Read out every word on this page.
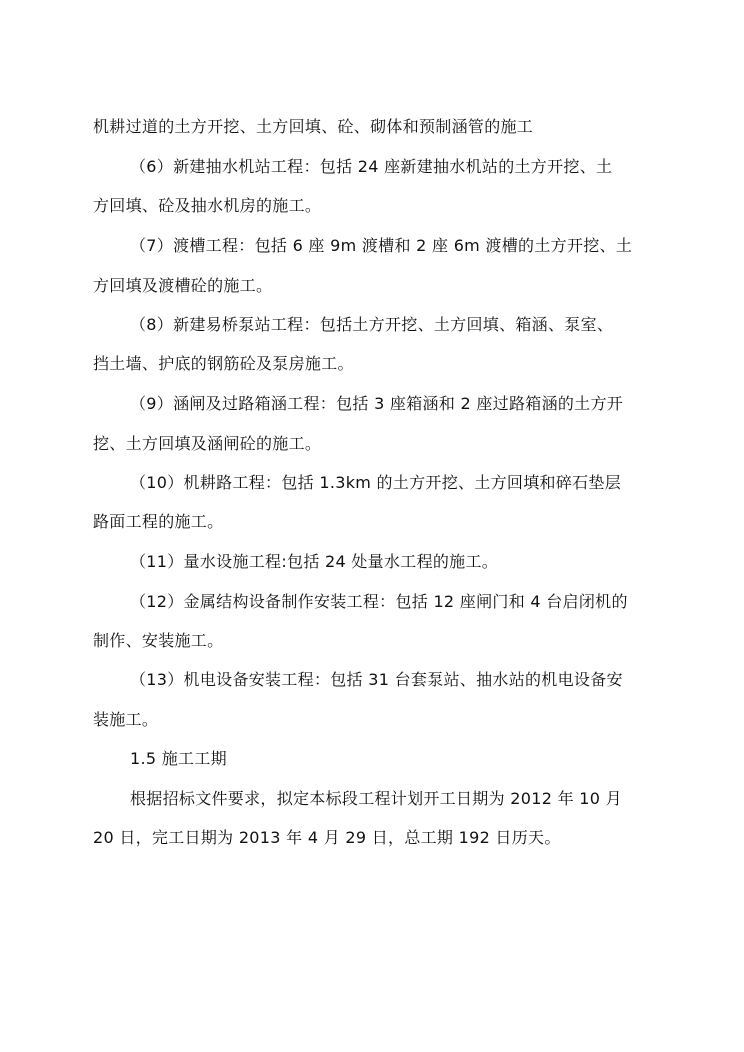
机耕过道的土方开挖、土方回填、砼、砌体和预制涵管的施工
（6）新建抽水机站工程：包括 24 座新建抽水机站的土方开挖、土
方回填、砼及抽水机房的施工。
（7）渡槽工程：包括 6 座 9m 渡槽和 2 座 6m 渡槽的土方开挖、土
方回填及渡槽砼的施工。
（8）新建易桥泵站工程：包括土方开挖、土方回填、箱涵、泵室、
挡土墙、护底的钢筋砼及泵房施工。
（9）涵闸及过路箱涵工程：包括 3 座箱涵和 2 座过路箱涵的土方开
挖、土方回填及涵闸砼的施工。
（10）机耕路工程：包括 1.3km 的土方开挖、土方回填和碎石垫层
路面工程的施工。
（11）量水设施工程:包括 24 处量水工程的施工。
（12）金属结构设备制作安装工程：包括 12 座闸门和 4 台启闭机的
制作、安装施工。
（13）机电设备安装工程：包括 31 台套泵站、抽水站的机电设备安
装施工。
1.5 施工工期
根据招标文件要求，拟定本标段工程计划开工日期为 2012 年 10 月
20 日，完工日期为 2013 年 4 月 29 日，总工期 192 日历天。
